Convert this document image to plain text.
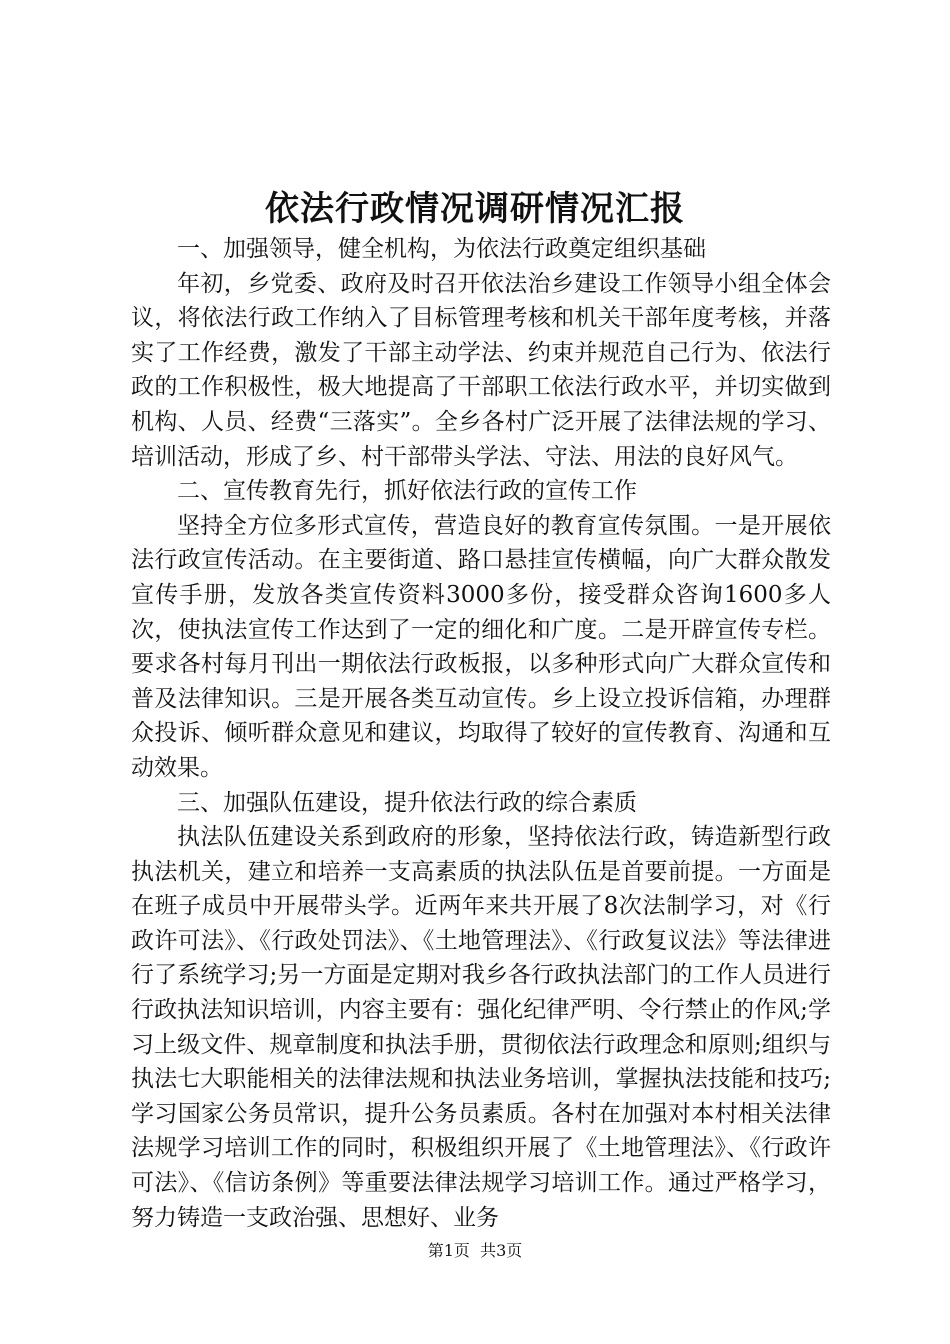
依法行政情况调研情况汇报

一、加强领导，健全机构，为依法行政奠定组织基础

年初，乡党委、政府及时召开依法治乡建设工作领导小组全体会议，将依法行政工作纳入了目标管理考核和机关干部年度考核，并落实了工作经费，激发了干部主动学法、约束并规范自己行为、依法行政的工作积极性，极大地提高了干部职工依法行政水平，并切实做到机构、人员、经费“三落实”。全乡各村广泛开展了法律法规的学习、培训活动，形成了乡、村干部带头学法、守法、用法的良好风气。

二、宣传教育先行，抓好依法行政的宣传工作

坚持全方位多形式宣传，营造良好的教育宣传氛围。一是开展依法行政宣传活动。在主要街道、路口悬挂宣传横幅，向广大群众散发宣传手册，发放各类宣传资料3000多份，接受群众咨询1600多人次，使执法宣传工作达到了一定的细化和广度。二是开辟宣传专栏。要求各村每月刊出一期依法行政板报，以多种形式向广大群众宣传和普及法律知识。三是开展各类互动宣传。乡上设立投诉信箱，办理群众投诉、倾听群众意见和建议，均取得了较好的宣传教育、沟通和互动效果。

三、加强队伍建设，提升依法行政的综合素质

执法队伍建设关系到政府的形象，坚持依法行政，铸造新型行政执法机关，建立和培养一支高素质的执法队伍是首要前提。一方面是在班子成员中开展带头学。近两年来共开展了8次法制学习，对《行政许可法》、《行政处罚法》、《土地管理法》、《行政复议法》等法律进行了系统学习;另一方面是定期对我乡各行政执法部门的工作人员进行行政执法知识培训，内容主要有：强化纪律严明、令行禁止的作风;学习上级文件、规章制度和执法手册，贯彻依法行政理念和原则;组织与执法七大职能相关的法律法规和执法业务培训，掌握执法技能和技巧;学习国家公务员常识，提升公务员素质。各村在加强对本村相关法律法规学习培训工作的同时，积极组织开展了《土地管理法》、《行政许可法》、《信访条例》等重要法律法规学习培训工作。通过严格学习，努力铸造一支政治强、思想好、业务

第1页 共3页
